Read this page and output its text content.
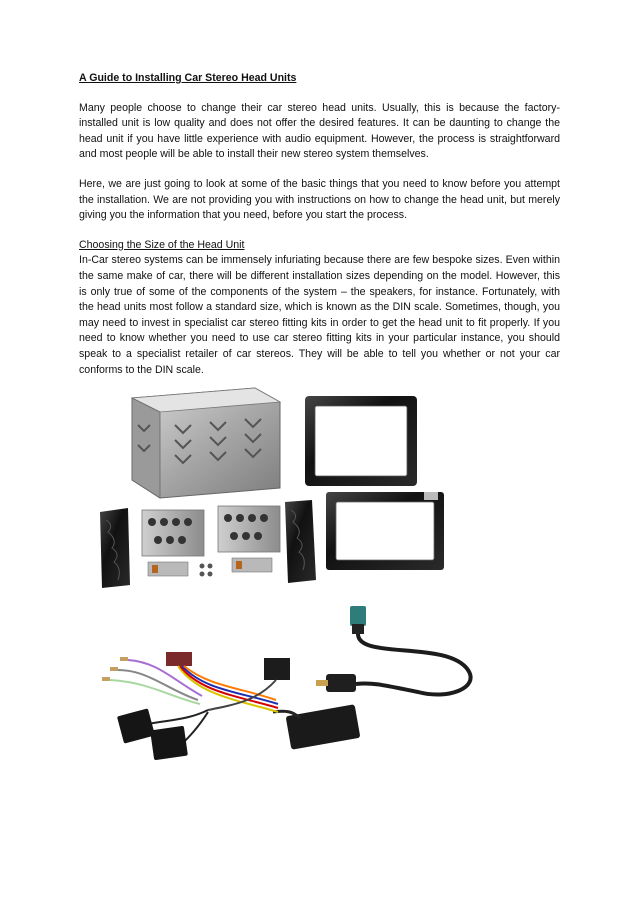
A Guide to Installing Car Stereo Head Units

Many people choose to change their car stereo head units. Usually, this is because the factory-installed unit is low quality and does not offer the desired features. It can be daunting to change the head unit if you have little experience with audio equipment. However, the process is straightforward and most people will be able to install their new stereo system themselves.

Here, we are just going to look at some of the basic things that you need to know before you attempt the installation. We are not providing you with instructions on how to change the head unit, but merely giving you the information that you need, before you start the process.

Choosing the Size of the Head Unit

In-Car stereo systems can be immensely infuriating because there are few bespoke sizes. Even within the same make of car, there will be different installation sizes depending on the model. However, this is only true of some of the components of the system – the speakers, for instance. Fortunately, with the head units most follow a standard size, which is known as the DIN scale. Sometimes, though, you may need to invest in specialist car stereo fitting kits in order to get the head unit to fit properly. If you need to know whether you need to use car stereo fitting kits in your particular instance, you should speak to a specialist retailer of car stereos. They will be able to tell you whether or not your car conforms to the DIN scale.
